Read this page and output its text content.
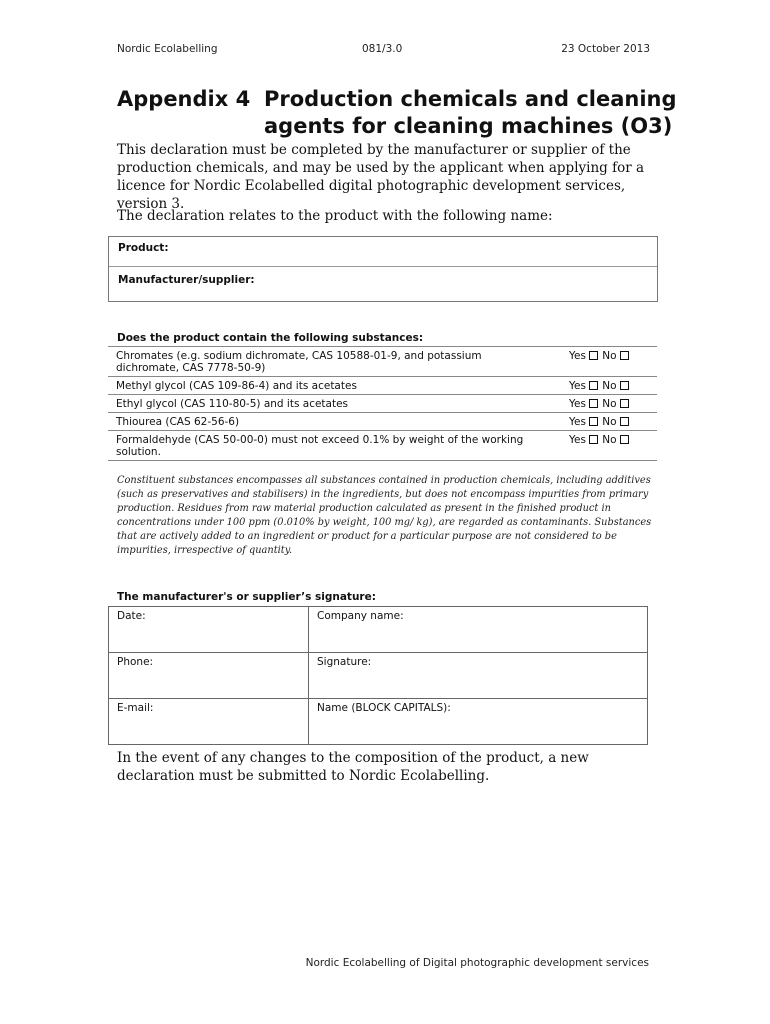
Nordic Ecolabelling	081/3.0	23 October 2013
Appendix 4 Production chemicals and cleaning agents for cleaning machines (O3)
This declaration must be completed by the manufacturer or supplier of the production chemicals, and may be used by the applicant when applying for a licence for Nordic Ecolabelled digital photographic development services, version 3.
The declaration relates to the product with the following name:
Product:
Manufacturer/supplier:
Does the product contain the following substances:
Chromates (e.g. sodium dichromate, CAS 10588-01-9, and potassium dichromate, CAS 7778-50-9)	Yes No
Methyl glycol (CAS 109-86-4) and its acetates	Yes No
Ethyl glycol (CAS 110-80-5) and its acetates	Yes No
Thiourea (CAS 62-56-6)	Yes No
Formaldehyde (CAS 50-00-0) must not exceed 0.1% by weight of the working solution.	Yes No
Constituent substances encompasses all substances contained in production chemicals, including additives (such as preservatives and stabilisers) in the ingredients, but does not encompass impurities from primary production. Residues from raw material production calculated as present in the finished product in concentrations under 100 ppm (0.010% by weight, 100 mg/ kg), are regarded as contaminants. Substances that are actively added to an ingredient or product for a particular purpose are not considered to be impurities, irrespective of quantity.
The manufacturer's or supplier’s signature:
Date:	Company name:
Phone:	Signature:
E-mail:	Name (BLOCK CAPITALS):
In the event of any changes to the composition of the product, a new declaration must be submitted to Nordic Ecolabelling.
Nordic Ecolabelling of Digital photographic development services
